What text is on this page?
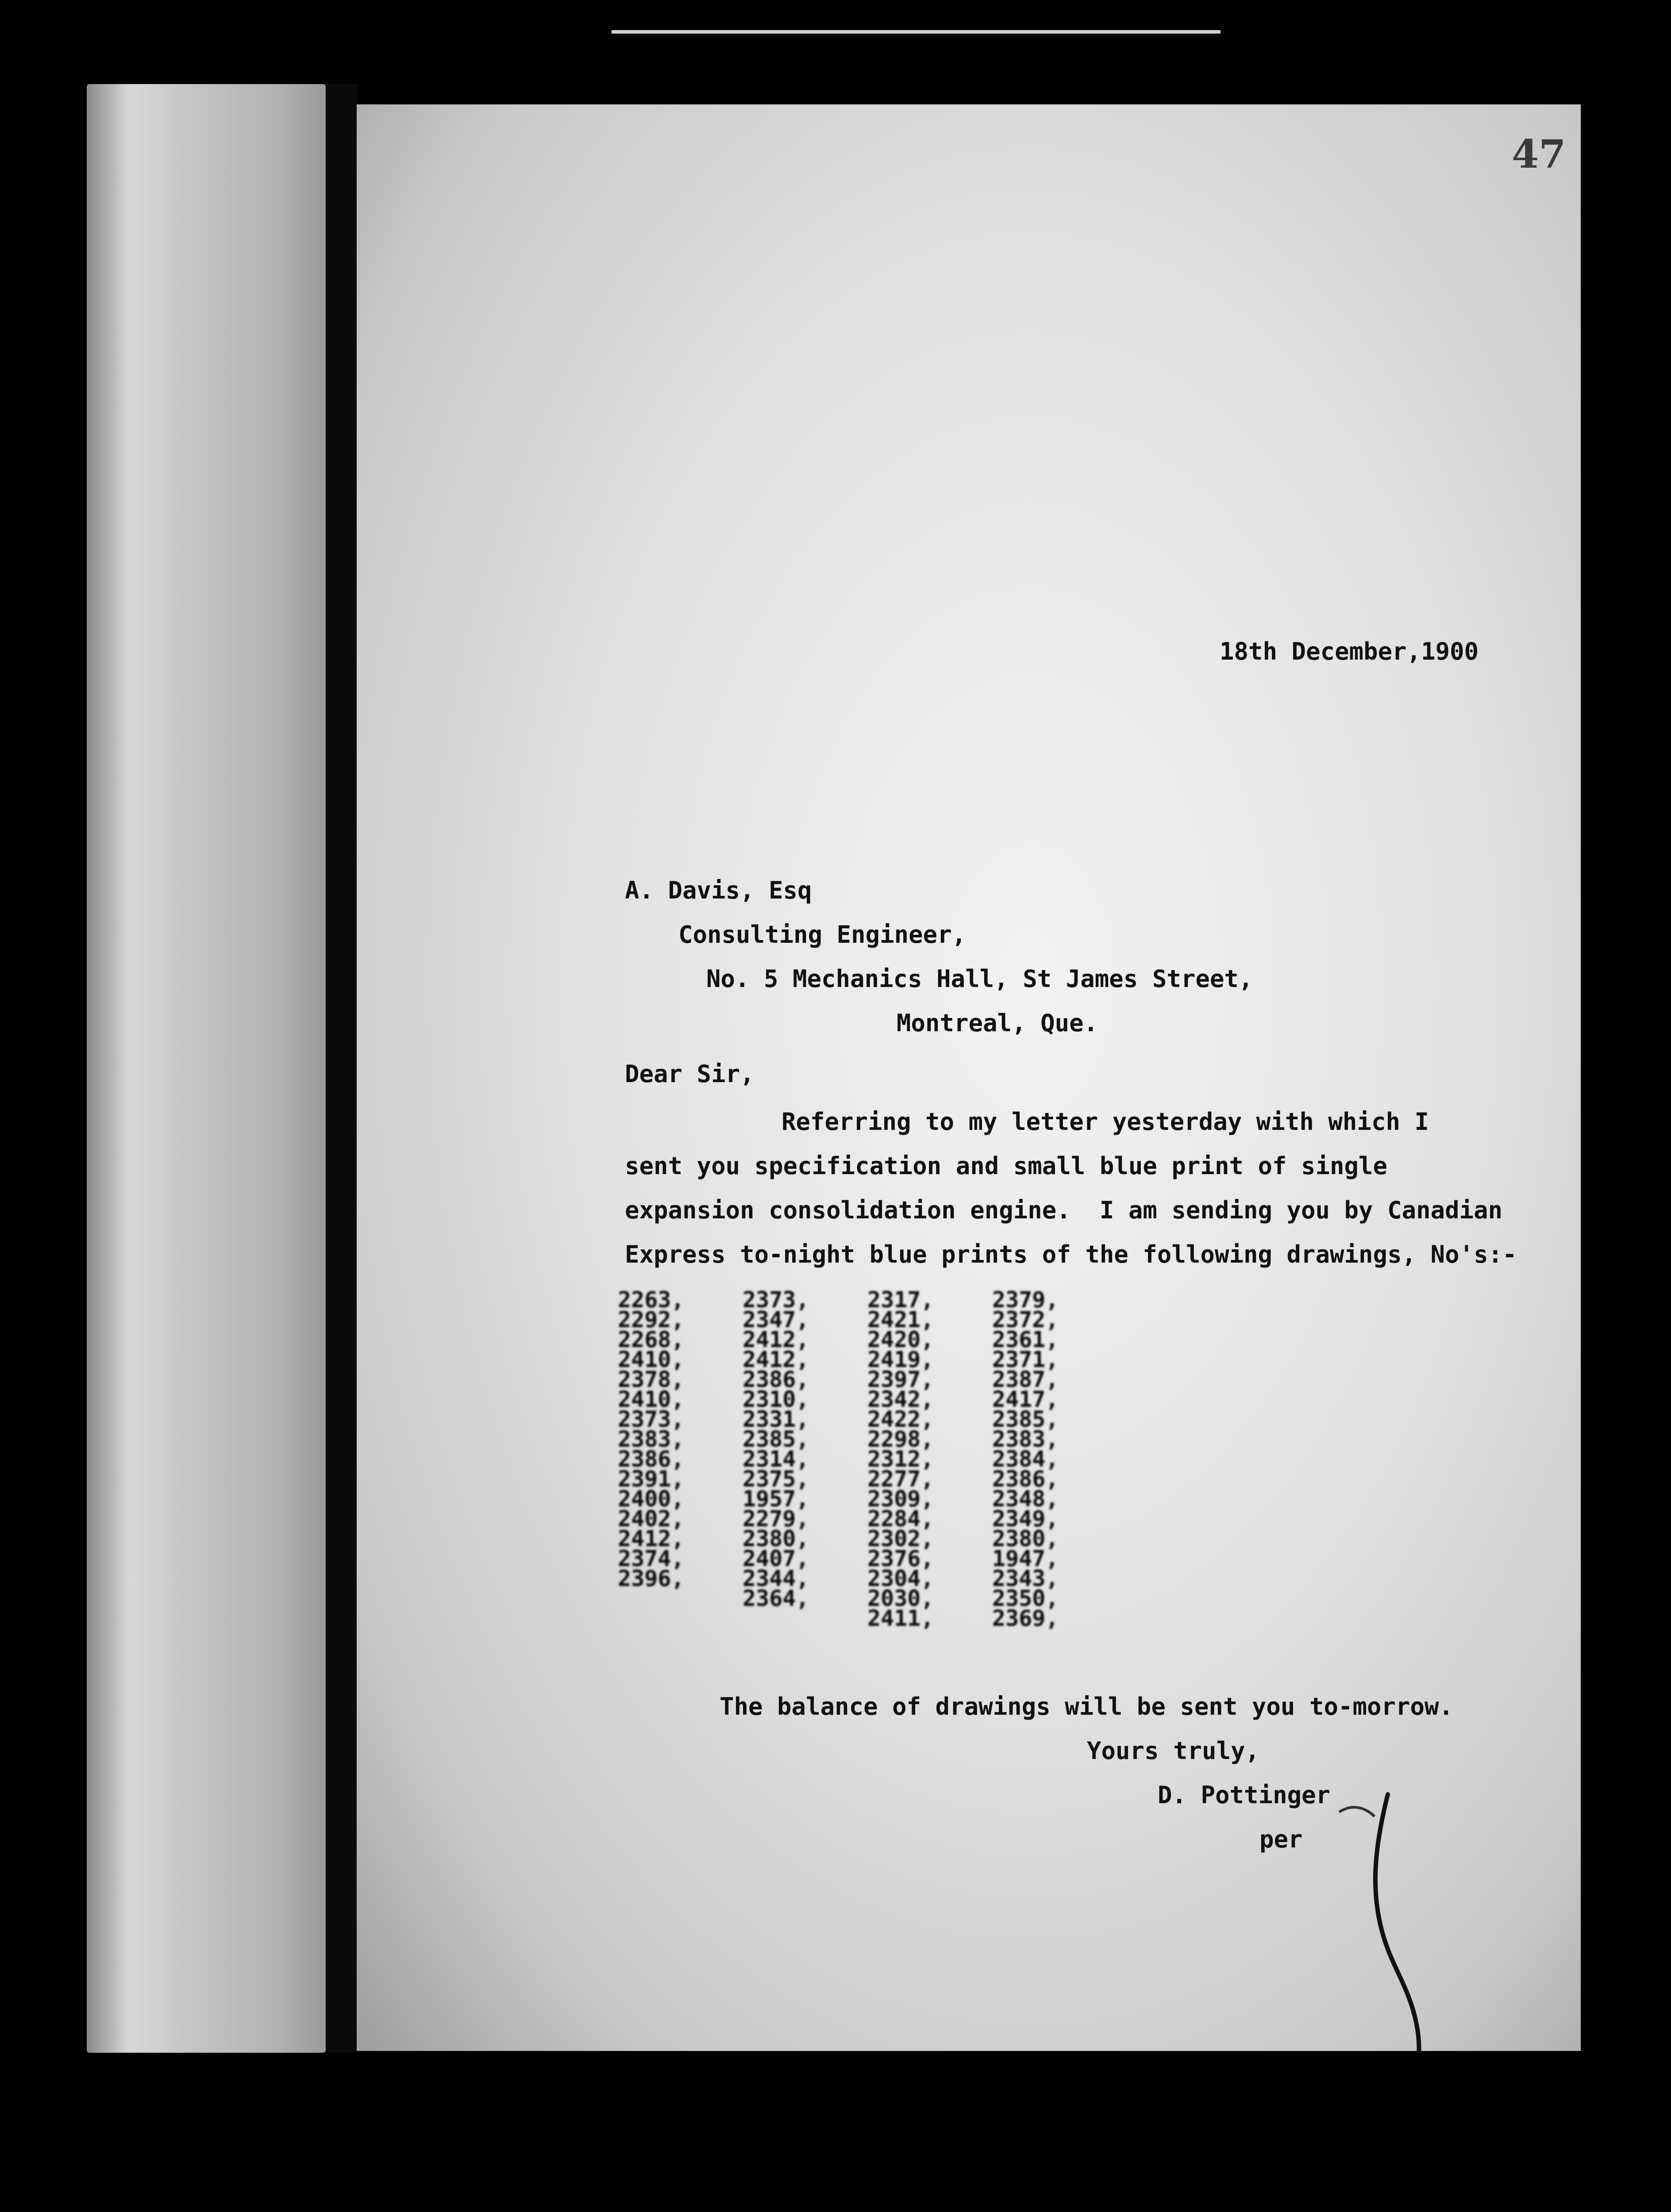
47
18th December,1900
A. Davis, Esq
Consulting Engineer,
No. 5 Mechanics Hall, St James Street,
Montreal, Que.
Dear Sir,
Referring to my letter yesterday with which I
sent you specification and small blue print of single
expansion consolidation engine.  I am sending you by Canadian
Express to-night blue prints of the following drawings, No's:-
2263,
2292,
2268,
2410,
2378,
2410,
2373,
2383,
2386,
2391,
2400,
2402,
2412,
2374,
2396,
2373,
2347,
2412,
2412,
2386,
2310,
2331,
2385,
2314,
2375,
1957,
2279,
2380,
2407,
2344,
2364,
2317,
2421,
2420,
2419,
2397,
2342,
2422,
2298,
2312,
2277,
2309,
2284,
2302,
2376,
2304,
2030,
2411,
2379,
2372,
2361,
2371,
2387,
2417,
2385,
2383,
2384,
2386,
2348,
2349,
2380,
1947,
2343,
2350,
2369,
The balance of drawings will be sent you to-morrow.
Yours truly,
D. Pottinger
per
